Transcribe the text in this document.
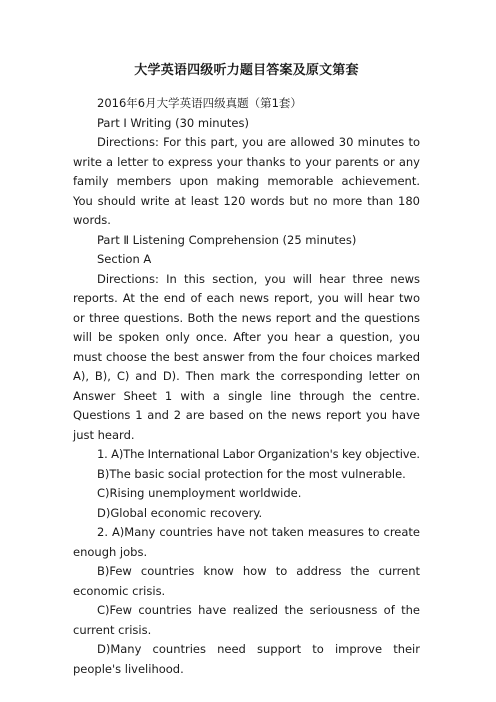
大学英语四级听力题目答案及原文第套

2016年6月大学英语四级真题（第1套）

Part I Writing (30 minutes)

Directions: For this part, you are allowed 30 minutes to write a letter to express your thanks to your parents or any family members upon making memorable achievement. You should write at least 120 words but no more than 180 words.

Part Ⅱ Listening Comprehension (25 minutes)

Section A

Directions: In this section, you will hear three news reports. At the end of each news report, you will hear two or three questions. Both the news report and the questions will be spoken only once. After you hear a question, you must choose the best answer from the four choices marked A), B), C) and D). Then mark the corresponding letter on Answer Sheet 1 with a single line through the centre. Questions 1 and 2 are based on the news report you have just heard.

1. A)The International Labor Organization's key objective.

B)The basic social protection for the most vulnerable.

C)Rising unemployment worldwide.

D)Global economic recovery.

2. A)Many countries have not taken measures to create enough jobs.

B)Few countries know how to address the current economic crisis.

C)Few countries have realized the seriousness of the current crisis.

D)Many countries need support to improve their people's livelihood.
